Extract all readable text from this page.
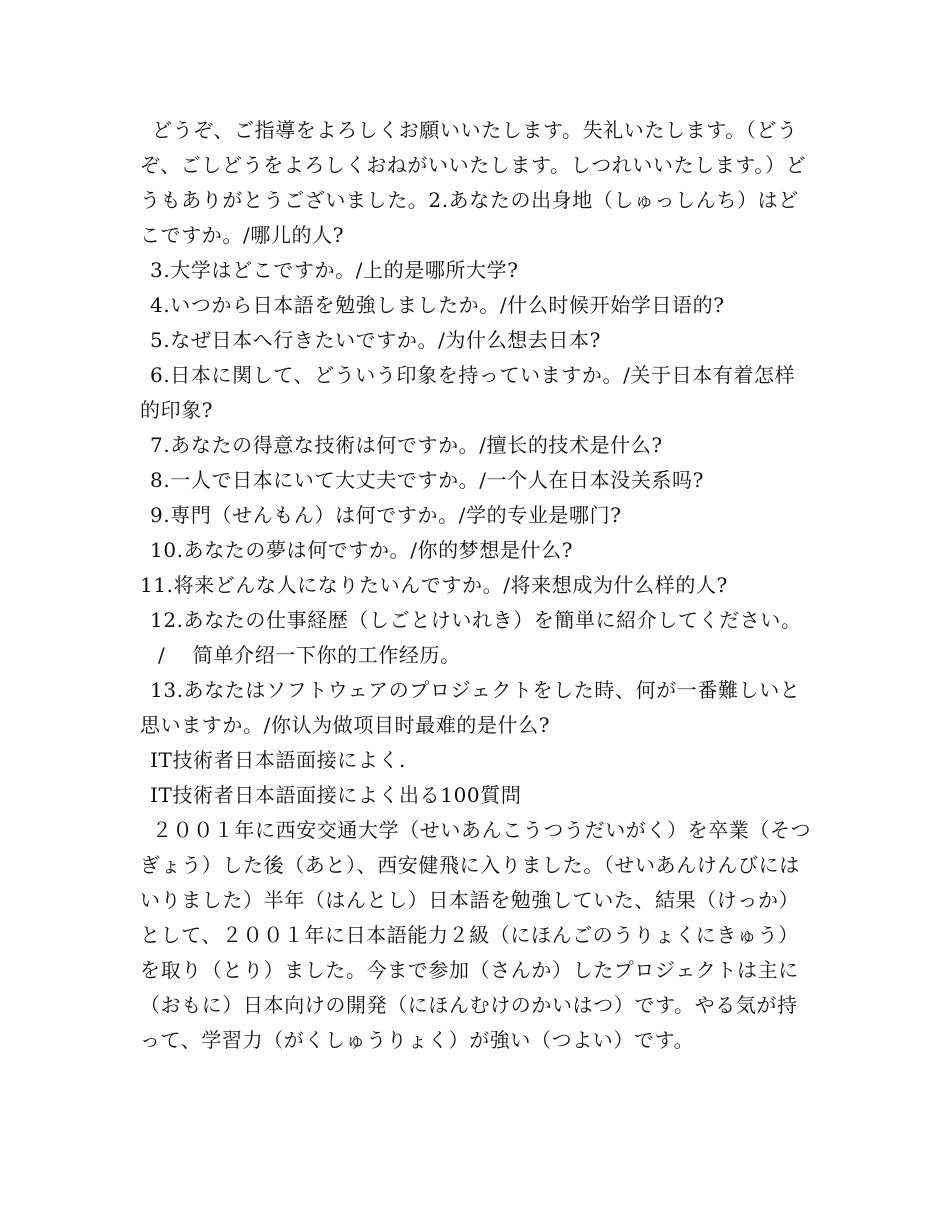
どうぞ、ご指導をよろしくお願いいたします。失礼いたします。（どうぞ、ごしどうをよろしくおねがいいたします。しつれいいたします。）どうもありがとうございました。2.あなたの出身地（しゅっしんち）はどこですか。/哪儿的人?

3.大学はどこですか。/上的是哪所大学?

4.いつから日本語を勉強しましたか。/什么时候开始学日语的?

5.なぜ日本へ行きたいですか。/为什么想去日本?

6.日本に関して、どういう印象を持っていますか。/关于日本有着怎样的印象?

7.あなたの得意な技術は何ですか。/擅长的技术是什么?

8.一人で日本にいて大丈夫ですか。/一个人在日本没关系吗?

9.専門（せんもん）は何ですか。/学的专业是哪门?

10.あなたの夢は何ですか。/你的梦想是什么?

11.将来どんな人になりたいんですか。/将来想成为什么样的人?

12.あなたの仕事経歴（しごとけいれき）を簡単に紹介してください。

/　 简单介绍一下你的工作经历。

13.あなたはソフトウェアのプロジェクトをした時、何が一番難しいと思いますか。/你认为做项目时最难的是什么?

IT技術者日本語面接によく.

IT技術者日本語面接によく出る100質問

２００１年に西安交通大学（せいあんこうつうだいがく）を卒業（そつぎょう）した後（あと）、西安健飛に入りました。（せいあんけんびにはいりました）半年（はんとし）日本語を勉強していた、結果（けっか）として、２００１年に日本語能力２級（にほんごのうりょくにきゅう）を取り（とり）ました。今まで参加（さんか）したプロジェクトは主に（おもに）日本向けの開発（にほんむけのかいはつ）です。やる気が持って、学習力（がくしゅうりょく）が強い（つよい）です。
